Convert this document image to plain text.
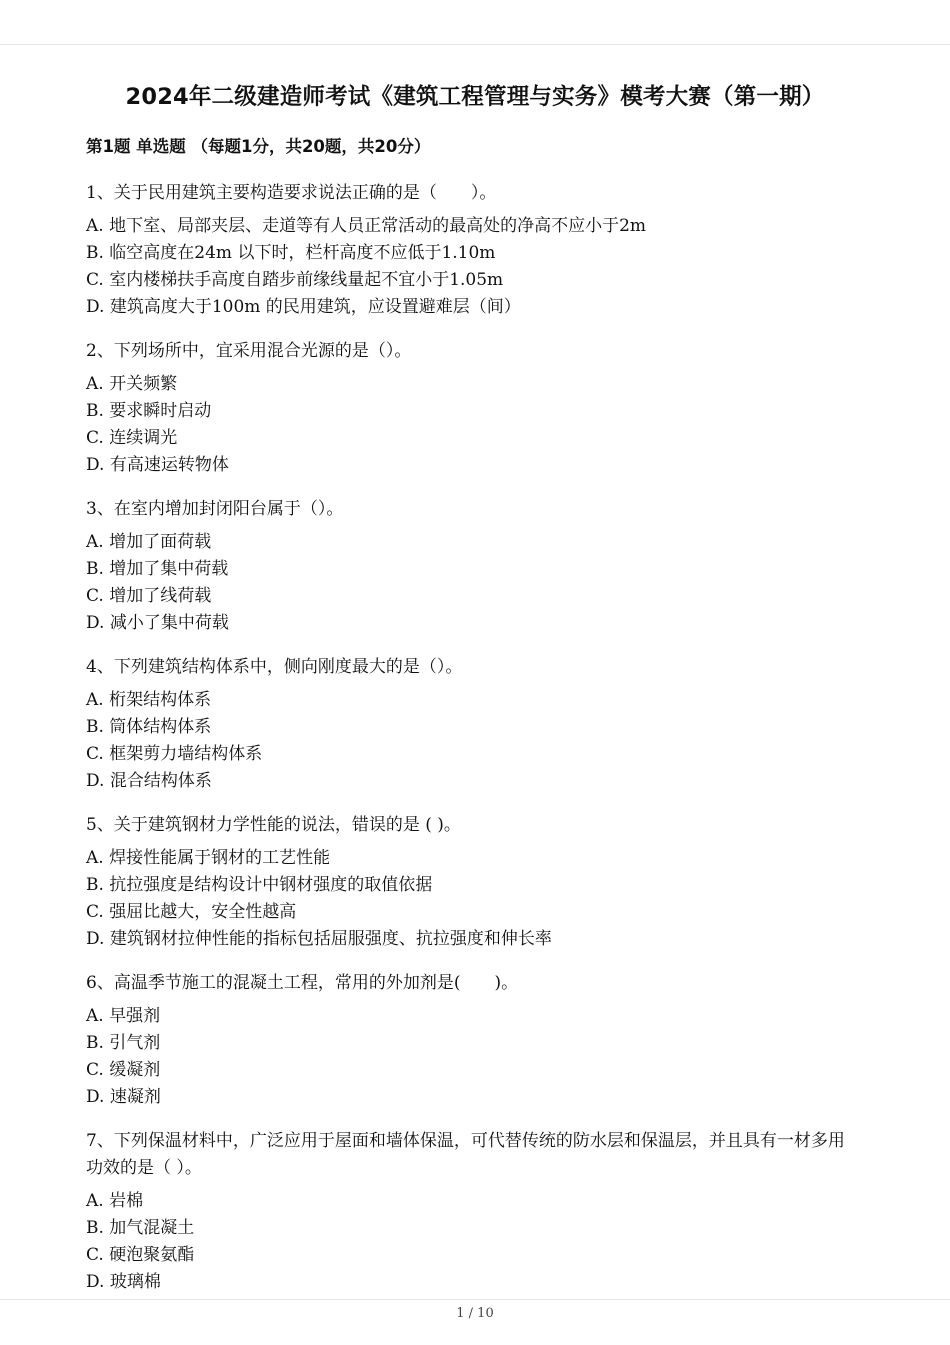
2024年二级建造师考试《建筑工程管理与实务》模考大赛（第一期）
第1题 单选题 （每题1分，共20题，共20分）

1、关于民用建筑主要构造要求说法正确的是（　　）。

A. 地下室、局部夹层、走道等有人员正常活动的最高处的净高不应小于2m

B. 临空高度在24m 以下时，栏杆高度不应低于1.10m

C. 室内楼梯扶手高度自踏步前缘线量起不宜小于1.05m

D. 建筑高度大于100m 的民用建筑，应设置避难层（间）

2、下列场所中，宜采用混合光源的是（）。

A. 开关频繁

B. 要求瞬时启动

C. 连续调光

D. 有高速运转物体

3、在室内增加封闭阳台属于（）。

A. 增加了面荷载

B. 增加了集中荷载

C. 增加了线荷载

D. 减小了集中荷载

4、下列建筑结构体系中，侧向刚度最大的是（）。

A. 桁架结构体系

B. 筒体结构体系

C. 框架剪力墙结构体系

D. 混合结构体系

5、关于建筑钢材力学性能的说法，错误的是 ( )。

A. 焊接性能属于钢材的工艺性能

B. 抗拉强度是结构设计中钢材强度的取值依据

C. 强屈比越大，安全性越高

D. 建筑钢材拉伸性能的指标包括屈服强度、抗拉强度和伸长率

6、高温季节施工的混凝土工程，常用的外加剂是(　　)。

A. 早强剂

B. 引气剂

C. 缓凝剂

D. 速凝剂

7、下列保温材料中，广泛应用于屋面和墙体保温，可代替传统的防水层和保温层，并且具有一材多用功效的是（ ）。

A. 岩棉

B. 加气混凝土

C. 硬泡聚氨酯

D. 玻璃棉

1 / 10
